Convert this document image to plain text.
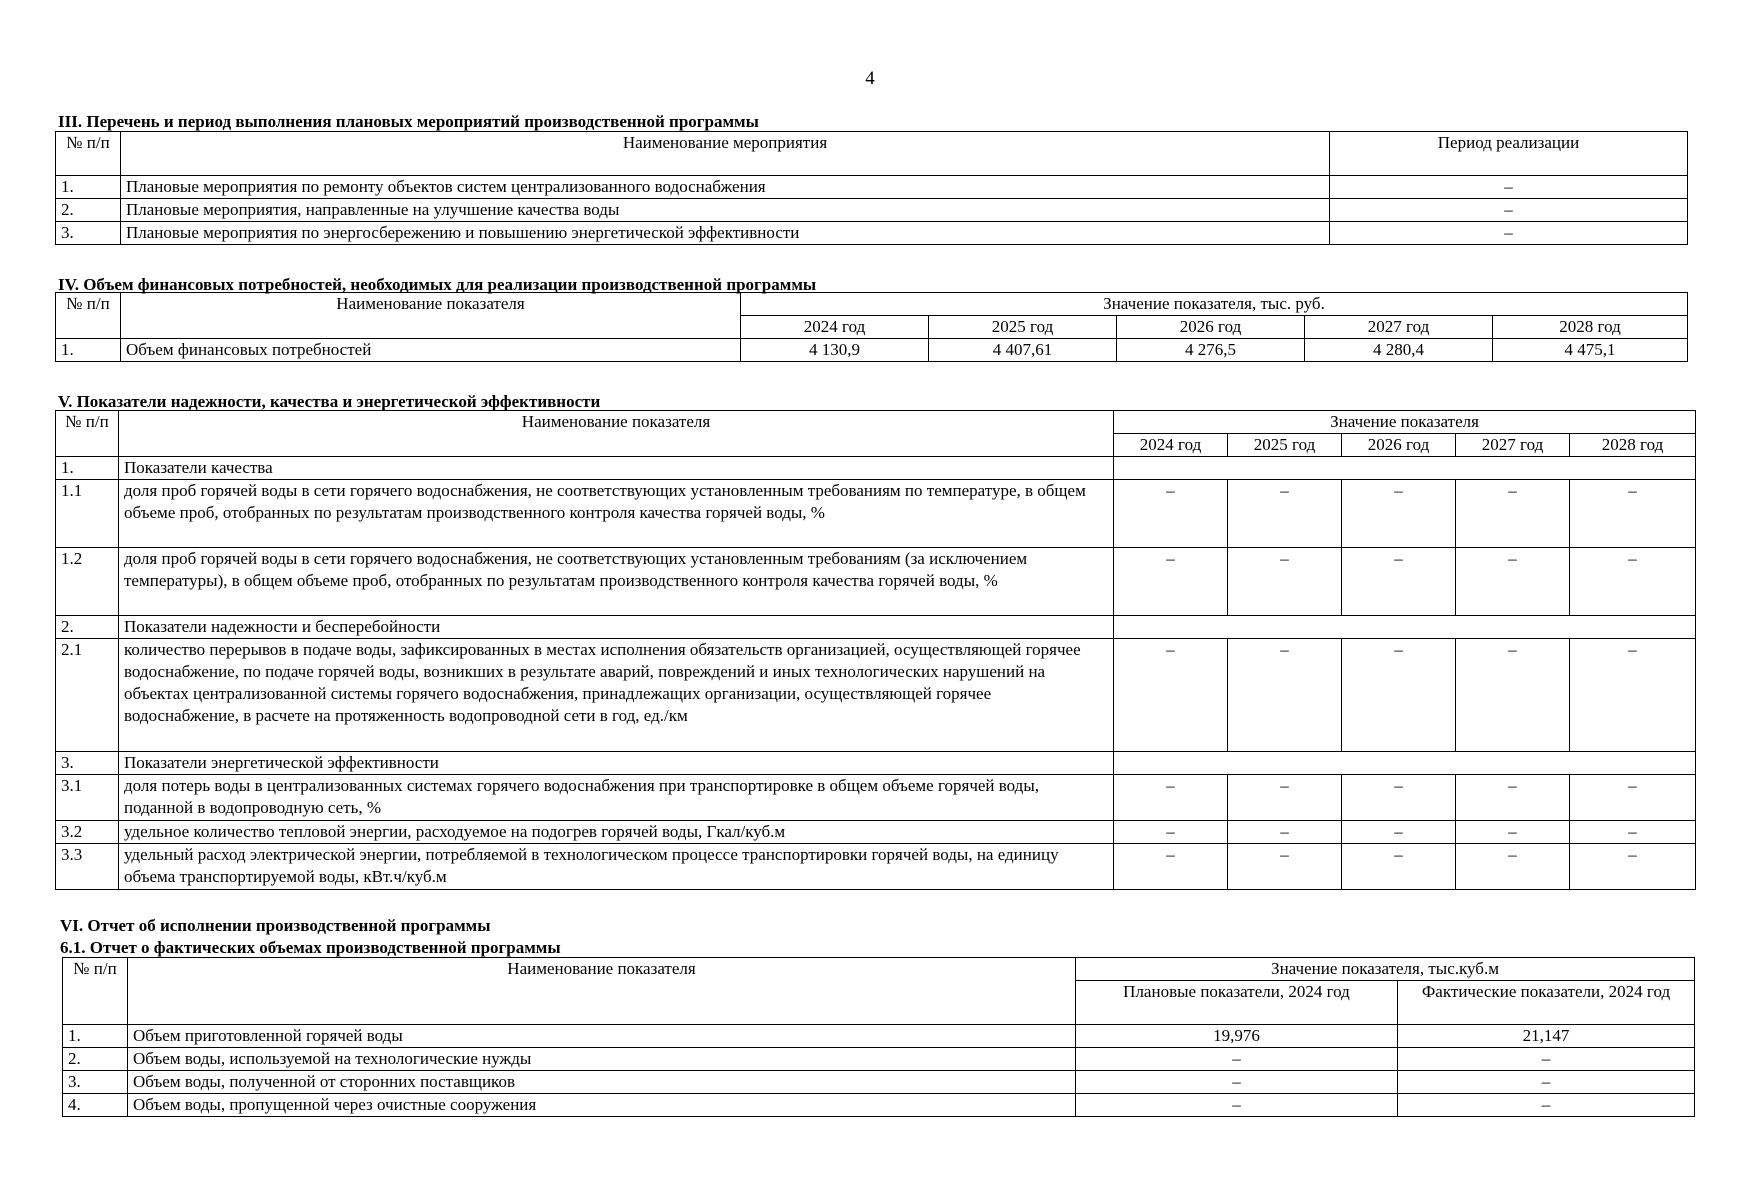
4
III. Перечень и период выполнения плановых мероприятий производственной программы
№ п/п	Наименование мероприятия	Период реализации
1.	Плановые мероприятия по ремонту объектов систем централизованного водоснабжения	–
2.	Плановые мероприятия, направленные на улучшение качества воды	–
3.	Плановые мероприятия по энергосбережению и повышению энергетической эффективности	–
IV. Объем финансовых потребностей, необходимых для реализации производственной программы
№ п/п	Наименование показателя	Значение показателя, тыс. руб.				
		2024 год	2025 год	2026 год	2027 год	2028 год
1.	Объем финансовых потребностей	4 130,9	4 407,61	4 276,5	4 280,4	4 475,1
V. Показатели надежности, качества и энергетической эффективности
№ п/п	Наименование показателя	Значение показателя				
		2024 год	2025 год	2026 год	2027 год	2028 год
1.	Показатели качества					
1.1	доля проб горячей воды в сети горячего водоснабжения, не соответствующих установленным требованиям по температуре, в общем объеме проб, отобранных по результатам производственного контроля качества горячей воды, %	–	–	–	–	–
1.2	доля проб горячей воды в сети горячего водоснабжения, не соответствующих установленным требованиям (за исключением температуры), в общем объеме проб, отобранных по результатам производственного контроля качества горячей воды, %	–	–	–	–	–
2.	Показатели надежности и бесперебойности					
2.1	количество перерывов в подаче воды, зафиксированных в местах исполнения обязательств организацией, осуществляющей горячее водоснабжение, по подаче горячей воды, возникших в результате аварий, повреждений и иных технологических нарушений на объектах централизованной системы горячего водоснабжения, принадлежащих организации, осуществляющей горячее водоснабжение, в расчете на протяженность водопроводной сети в год, ед./км	–	–	–	–	–
3.	Показатели энергетической эффективности					
3.1	доля потерь воды в централизованных системах горячего водоснабжения при транспортировке в общем объеме горячей воды, поданной в водопроводную сеть, %	–	–	–	–	–
3.2	удельное количество тепловой энергии, расходуемое на подогрев горячей воды, Гкал/куб.м	–	–	–	–	–
3.3	удельный расход электрической энергии, потребляемой в технологическом процессе транспортировки горячей воды, на единицу объема транспортируемой воды, кВт.ч/куб.м	–	–	–	–	–
VI. Отчет об исполнении производственной программы
6.1. Отчет о фактических объемах производственной программы
№ п/п	Наименование показателя	Значение показателя, тыс.куб.м	
		Плановые показатели, 2024 год	Фактические показатели, 2024 год
1.	Объем приготовленной горячей воды	19,976	21,147
2.	Объем воды, используемой на технологические нужды	–	–
3.	Объем воды, полученной от сторонних поставщиков	–	–
4.	Объем воды, пропущенной через очистные сооружения	–	–
